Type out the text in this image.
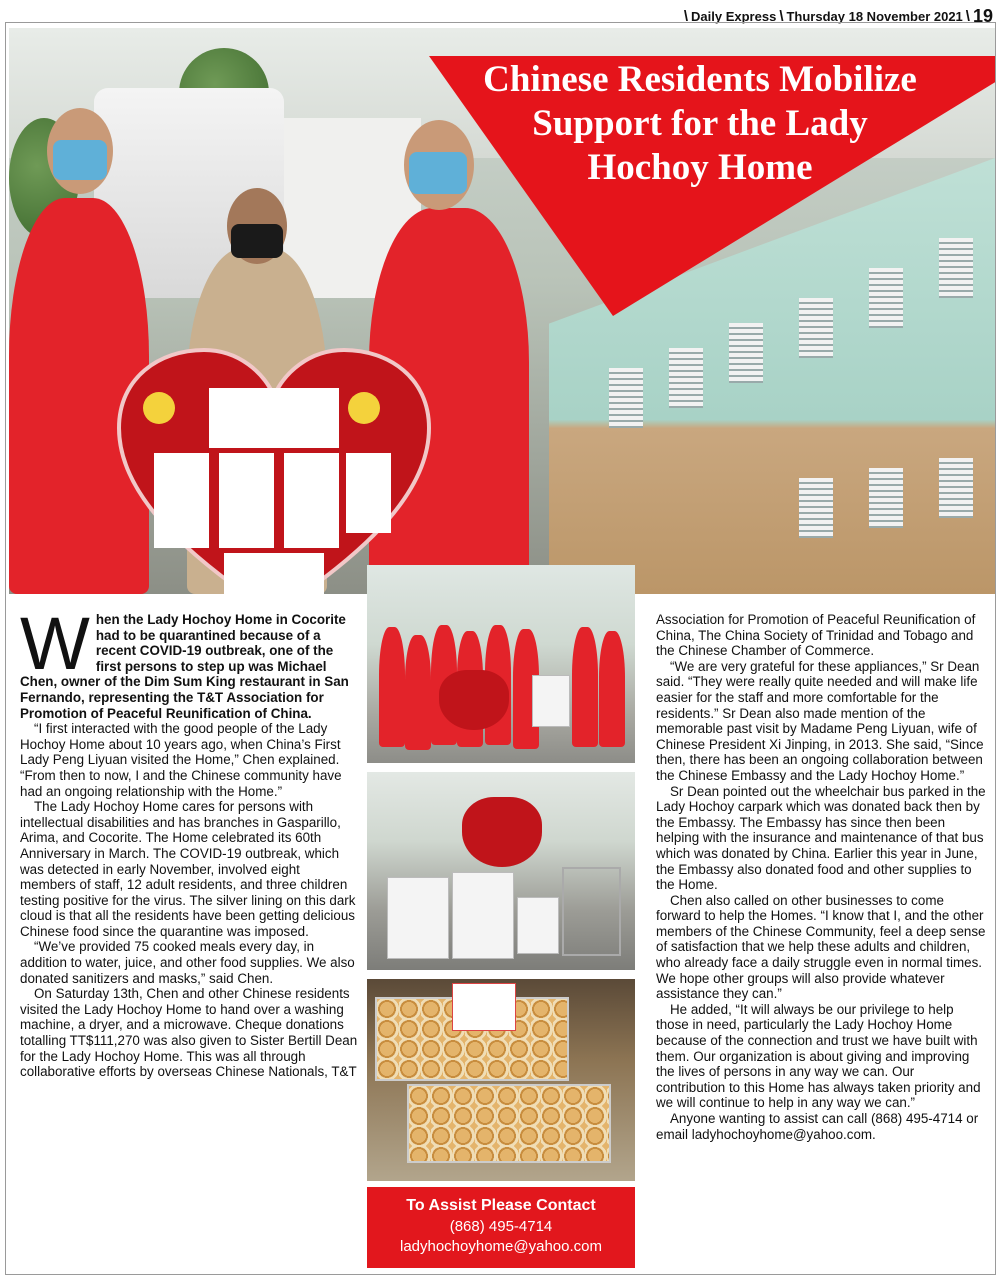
\ Daily Express \ Thursday 18 November 2021 \ 19
Chinese Residents Mobilize Support for the Lady Hochoy Home

When the Lady Hochoy Home in Cocorite had to be quarantined because of a recent COVID-19 outbreak, one of the first persons to step up was Michael Chen, owner of the Dim Sum King restaurant in San Fernando, representing the T&T Association for Promotion of Peaceful Reunification of China.

“I first interacted with the good people of the Lady Hochoy Home about 10 years ago, when China’s First Lady Peng Liyuan visited the Home,” Chen explained. “From then to now, I and the Chinese community have had an ongoing relationship with the Home.”

The Lady Hochoy Home cares for persons with intellectual disabilities and has branches in Gasparillo, Arima, and Cocorite. The Home celebrated its 60th Anniversary in March. The COVID-19 outbreak, which was detected in early November, involved eight members of staff, 12 adult residents, and three children testing positive for the virus. The silver lining on this dark cloud is that all the residents have been getting delicious Chinese food since the quarantine was imposed.

“We’ve provided 75 cooked meals every day, in addition to water, juice, and other food supplies. We also donated sanitizers and masks,” said Chen.

On Saturday 13th, Chen and other Chinese residents visited the Lady Hochoy Home to hand over a washing machine, a dryer, and a microwave. Cheque donations totalling TT$111,270 was also given to Sister Bertill Dean for the Lady Hochoy Home. This was all through collaborative efforts by overseas Chinese Nationals, T&T

Association for Promotion of Peaceful Reunification of China, The China Society of Trinidad and Tobago and the Chinese Chamber of Commerce.

“We are very grateful for these appliances,” Sr Dean said. “They were really quite needed and will make life easier for the staff and more comfortable for the residents.” Sr Dean also made mention of the memorable past visit by Madame Peng Liyuan, wife of Chinese President Xi Jinping, in 2013. She said, “Since then, there has been an ongoing collaboration between the Chinese Embassy and the Lady Hochoy Home.”

Sr Dean pointed out the wheelchair bus parked in the Lady Hochoy carpark which was donated back then by the Embassy. The Embassy has since then been helping with the insurance and maintenance of that bus which was donated by China. Earlier this year in June, the Embassy also donated food and other supplies to the Home.

Chen also called on other businesses to come forward to help the Homes. “I know that I, and the other members of the Chinese Community, feel a deep sense of satisfaction that we help these adults and children, who already face a daily struggle even in normal times. We hope other groups will also provide whatever assistance they can.”

He added, “It will always be our privilege to help those in need, particularly the Lady Hochoy Home because of the connection and trust we have built with them. Our organization is about giving and improving the lives of persons in any way we can. Our contribution to this Home has always taken priority and we will continue to help in any way we can.”

Anyone wanting to assist can call (868) 495-4714 or email ladyhochoyhome@yahoo.com.

To Assist Please Contact
(868) 495-4714
ladyhochoyhome@yahoo.com
